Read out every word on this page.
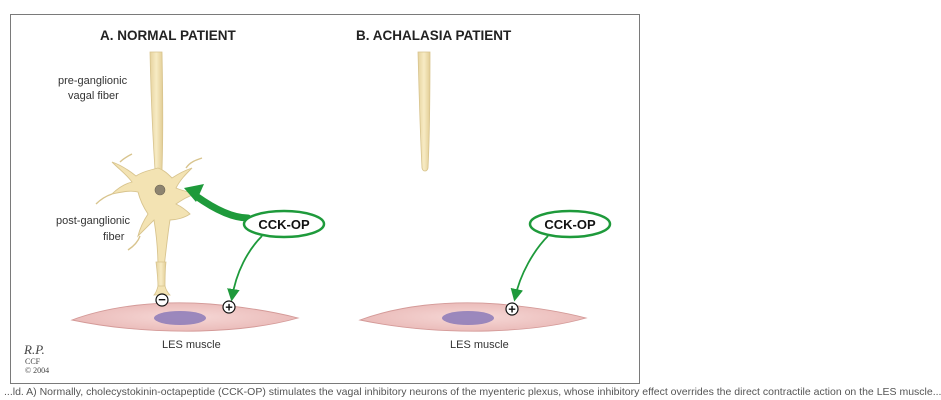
A. NORMAL PATIENT
pre-ganglionic
vagal fiber
post-ganglionic
fiber
CCK-OP
−	+
LES muscle
B. ACHALASIA PATIENT
CCK-OP
+
LES muscle
R.P.
CCF
© 2004
...ld. A) Normally, cholecystokinin-octapeptide (CCK-OP) stimulates the vagal inhibitory neurons of the myenteric plexus, whose inhibitory effect overrides the direct contractile action on the LES muscle...
